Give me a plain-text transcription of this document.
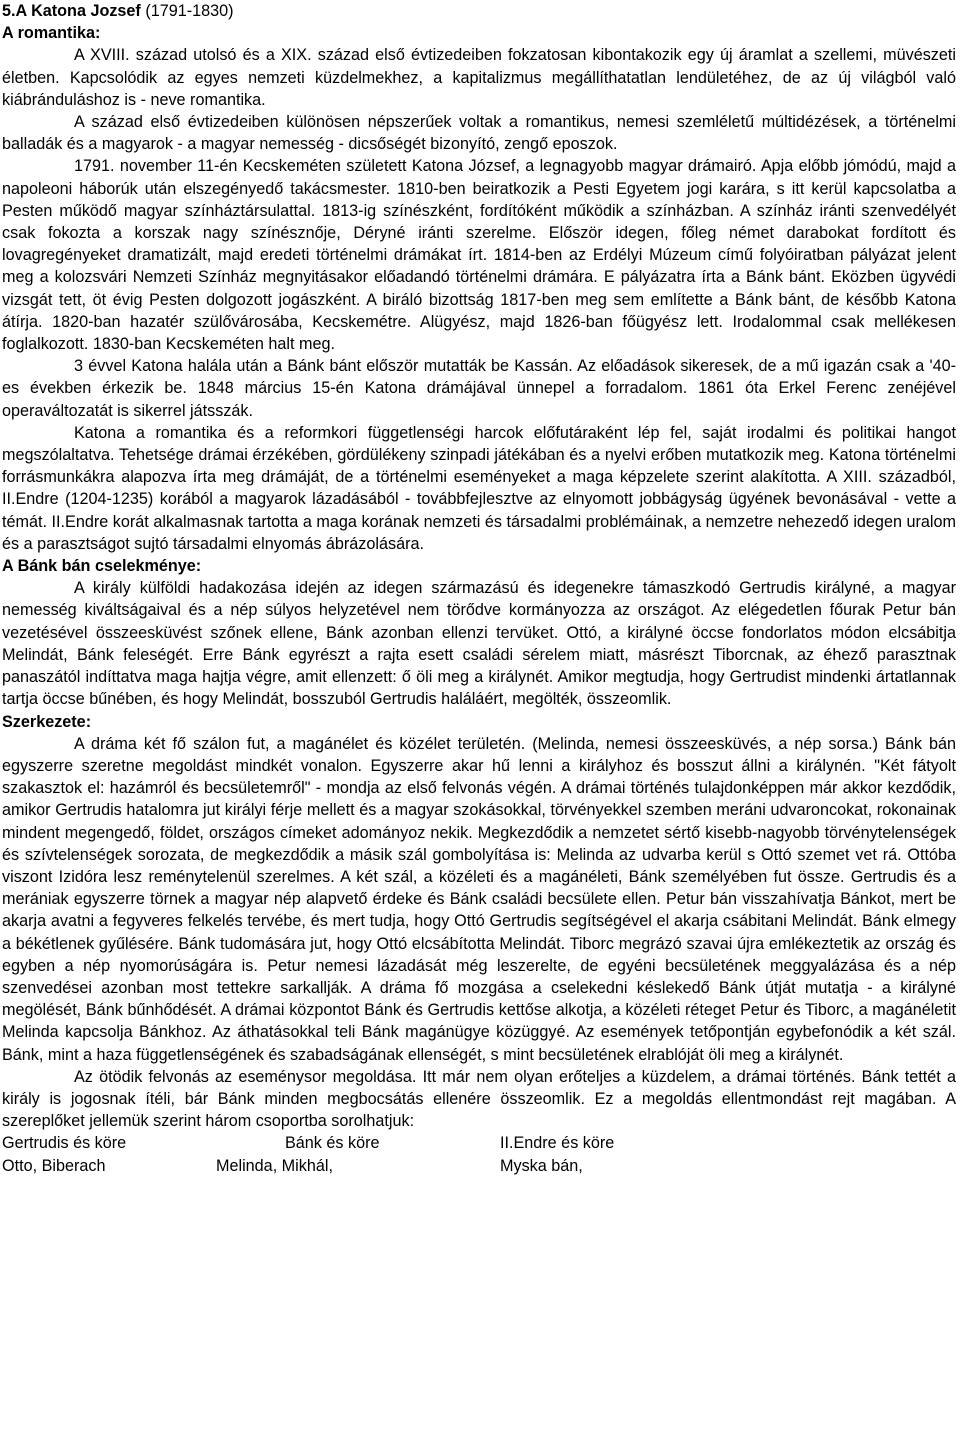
5.A Katona Jozsef (1791-1830)
A romantika:

A XVIII. század utolsó és a XIX. század első évtizedeiben fokzatosan kibontakozik egy új áramlat a szellemi, müvészeti életben. Kapcsolódik az egyes nemzeti küzdelmekhez, a kapitalizmus megállíthatatlan lendületéhez, de az új világból való kiábránduláshoz is - neve romantika.

A század első évtizedeiben különösen népszerűek voltak a romantikus, nemesi szemléletű múltidézések, a történelmi balladák és a magyarok - a magyar nemesség - dicsőségét bizonyító, zengő eposzok.

1791. november 11-én Kecskeméten született Katona József, a legnagyobb magyar drámairó. Apja előbb jómódú, majd a napoleoni háborúk után elszegényedő takácsmester. 1810-ben beiratkozik a Pesti Egyetem jogi karára, s itt kerül kapcsolatba a Pesten működő magyar színháztársulattal. 1813-ig színészként, fordítóként működik a színházban. A színház iránti szenvedélyét csak fokozta a korszak nagy színésznője, Déryné iránti szerelme. Először idegen, főleg német darabokat fordított és lovagregényeket dramatizált, majd eredeti történelmi drámákat írt. 1814-ben az Erdélyi Múzeum című folyóiratban pályázat jelent meg a kolozsvári Nemzeti Színház megnyitásakor előadandó történelmi drámára. E pályázatra írta a Bánk bánt. Eközben ügyvédi vizsgát tett, öt évig Pesten dolgozott jogászként. A biráló bizottság 1817-ben meg sem említette a Bánk bánt, de később Katona átírja. 1820-ban hazatér szülővárosába, Kecskemétre. Alügyész, majd 1826-ban főügyész lett. Irodalommal csak mellékesen foglalkozott. 1830-ban Kecskeméten halt meg.

3 évvel Katona halála után a Bánk bánt először mutatták be Kassán. Az előadások sikeresek, de a mű igazán csak a '40-es években érkezik be. 1848 március 15-én Katona drámájával ünnepel a forradalom. 1861 óta Erkel Ferenc zenéjével operaváltozatát is sikerrel játsszák.

Katona a romantika és a reformkori függetlenségi harcok előfutáraként lép fel, saját irodalmi és politikai hangot megszólaltatva. Tehetsége drámai érzékében, gördülékeny szinpadi játékában és a nyelvi erőben mutatkozik meg. Katona történelmi forrásmunkákra alapozva írta meg drámáját, de a történelmi eseményeket a maga képzelete szerint alakította. A XIII. századból, II.Endre (1204-1235) korából a magyarok lázadásából - továbbfejlesztve az elnyomott jobbágyság ügyének bevonásával - vette a témát. II.Endre korát alkalmasnak tartotta a maga korának nemzeti és társadalmi problémáinak, a nemzetre nehezedő idegen uralom és a parasztságot sujtó társadalmi elnyomás ábrázolására.

A Bánk bán cselekménye:

A király külföldi hadakozása idején az idegen származású és idegenekre támaszkodó Gertrudis királyné, a magyar nemesség kiváltságaival és a nép súlyos helyzetével nem törődve kormányozza az országot. Az elégedetlen főurak Petur bán vezetésével összeesküvést szőnek ellene, Bánk azonban ellenzi tervüket. Ottó, a királyné öccse fondorlatos módon elcsábitja Melindát, Bánk feleségét. Erre Bánk egyrészt a rajta esett családi sérelem miatt, másrészt Tiborcnak, az éhező parasztnak panaszától indíttatva maga hajtja végre, amit ellenzett: ő öli meg a királynét. Amikor megtudja, hogy Gertrudist mindenki ártatlannak tartja öccse bűnében, és hogy Melindát, bosszuból Gertrudis haláláért, megölték, összeomlik.

Szerkezete:

A dráma két fő szálon fut, a magánélet és közélet területén. (Melinda, nemesi összeesküvés, a nép sorsa.) Bánk bán egyszerre szeretne megoldást mindkét vonalon. Egyszerre akar hű lenni a királyhoz és bosszut állni a királynén. "Két fátyolt szakasztok el: hazámról és becsületemről" - mondja az első felvonás végén. A drámai történés tulajdonképpen már akkor kezdődik, amikor Gertrudis hatalomra jut királyi férje mellett és a magyar szokásokkal, törvényekkel szemben meráni udvaroncokat, rokonainak mindent megengedő, földet, országos címeket adományoz nekik. Megkezdődik a nemzetet sértő kisebb-nagyobb törvénytelenségek és szívtelenségek sorozata, de megkezdődik a másik szál gombolyítása is: Melinda az udvarba kerül s Ottó szemet vet rá. Ottóba viszont Izidóra lesz reménytelenül szerelmes. A két szál, a közéleti és a magánéleti, Bánk személyében fut össze. Gertrudis és a merániak egyszerre törnek a magyar nép alapvető érdeke és Bánk családi becsülete ellen. Petur bán visszahívatja Bánkot, mert be akarja avatni a fegyveres felkelés tervébe, és mert tudja, hogy Ottó Gertrudis segítségével el akarja csábitani Melindát. Bánk elmegy a békétlenek gyűlésére. Bánk tudomására jut, hogy Ottó elcsábította Melindát. Tiborc megrázó szavai újra emlékeztetik az ország és egyben a nép nyomorúságára is. Petur nemesi lázadását még leszerelte, de egyéni becsületének meggyalázása és a nép szenvedései azonban most tettekre sarkallják. A dráma fő mozgása a cselekedni késlekedő Bánk útját mutatja - a királyné megölését, Bánk bűnhődését. A drámai központot Bánk és Gertrudis kettőse alkotja, a közéleti réteget Petur és Tiborc, a magánéletit Melinda kapcsolja Bánkhoz. Az áthatásokkal teli Bánk magánügye közüggyé. Az események tetőpontján egybefonódik a két szál. Bánk, mint a haza függetlenségének és szabadságának ellenségét, s mint becsületének elrablóját öli meg a királynét.

Az ötödik felvonás az eseménysor megoldása. Itt már nem olyan erőteljes a küzdelem, a drámai történés. Bánk tettét a király is jogosnak ítéli, bár Bánk minden megbocsátás ellenére összeomlik. Ez a megoldás ellentmondást rejt magában. A szereplőket jellemük szerint három csoportba sorolhatjuk:

Gertrudis és köre	Bánk és köre	II.Endre és köre
Otto, Biberach	Melinda, Mikhál,	Myska bán,
